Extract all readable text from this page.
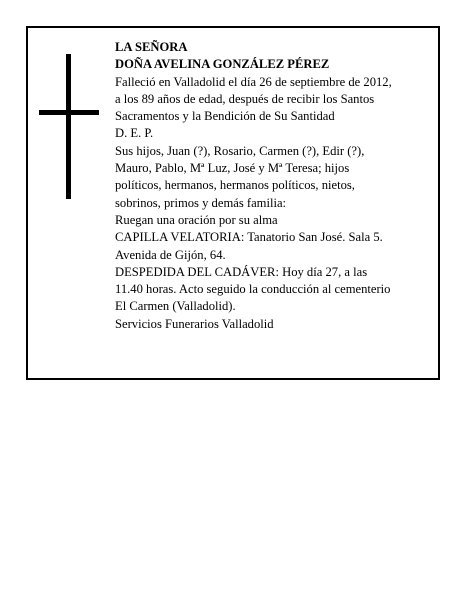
LA SEÑORA
DOÑA AVELINA GONZÁLEZ PÉREZ
Falleció en Valladolid el día 26 de septiembre de 2012,
a los 89 años de edad, después de recibir los Santos
Sacramentos y la Bendición de Su Santidad
D. E. P.
Sus hijos, Juan (?), Rosario, Carmen (?), Edir (?),
Mauro, Pablo, Mª Luz, José y Mª Teresa; hijos
políticos, hermanos, hermanos políticos, nietos,
sobrinos, primos y demás familia:
Ruegan una oración por su alma
CAPILLA VELATORIA: Tanatorio San José. Sala 5.
Avenida de Gijón, 64.
DESPEDIDA DEL CADÁVER: Hoy día 27, a las
11.40 horas. Acto seguido la conducción al cementerio
El Carmen (Valladolid).
Servicios Funerarios Valladolid
